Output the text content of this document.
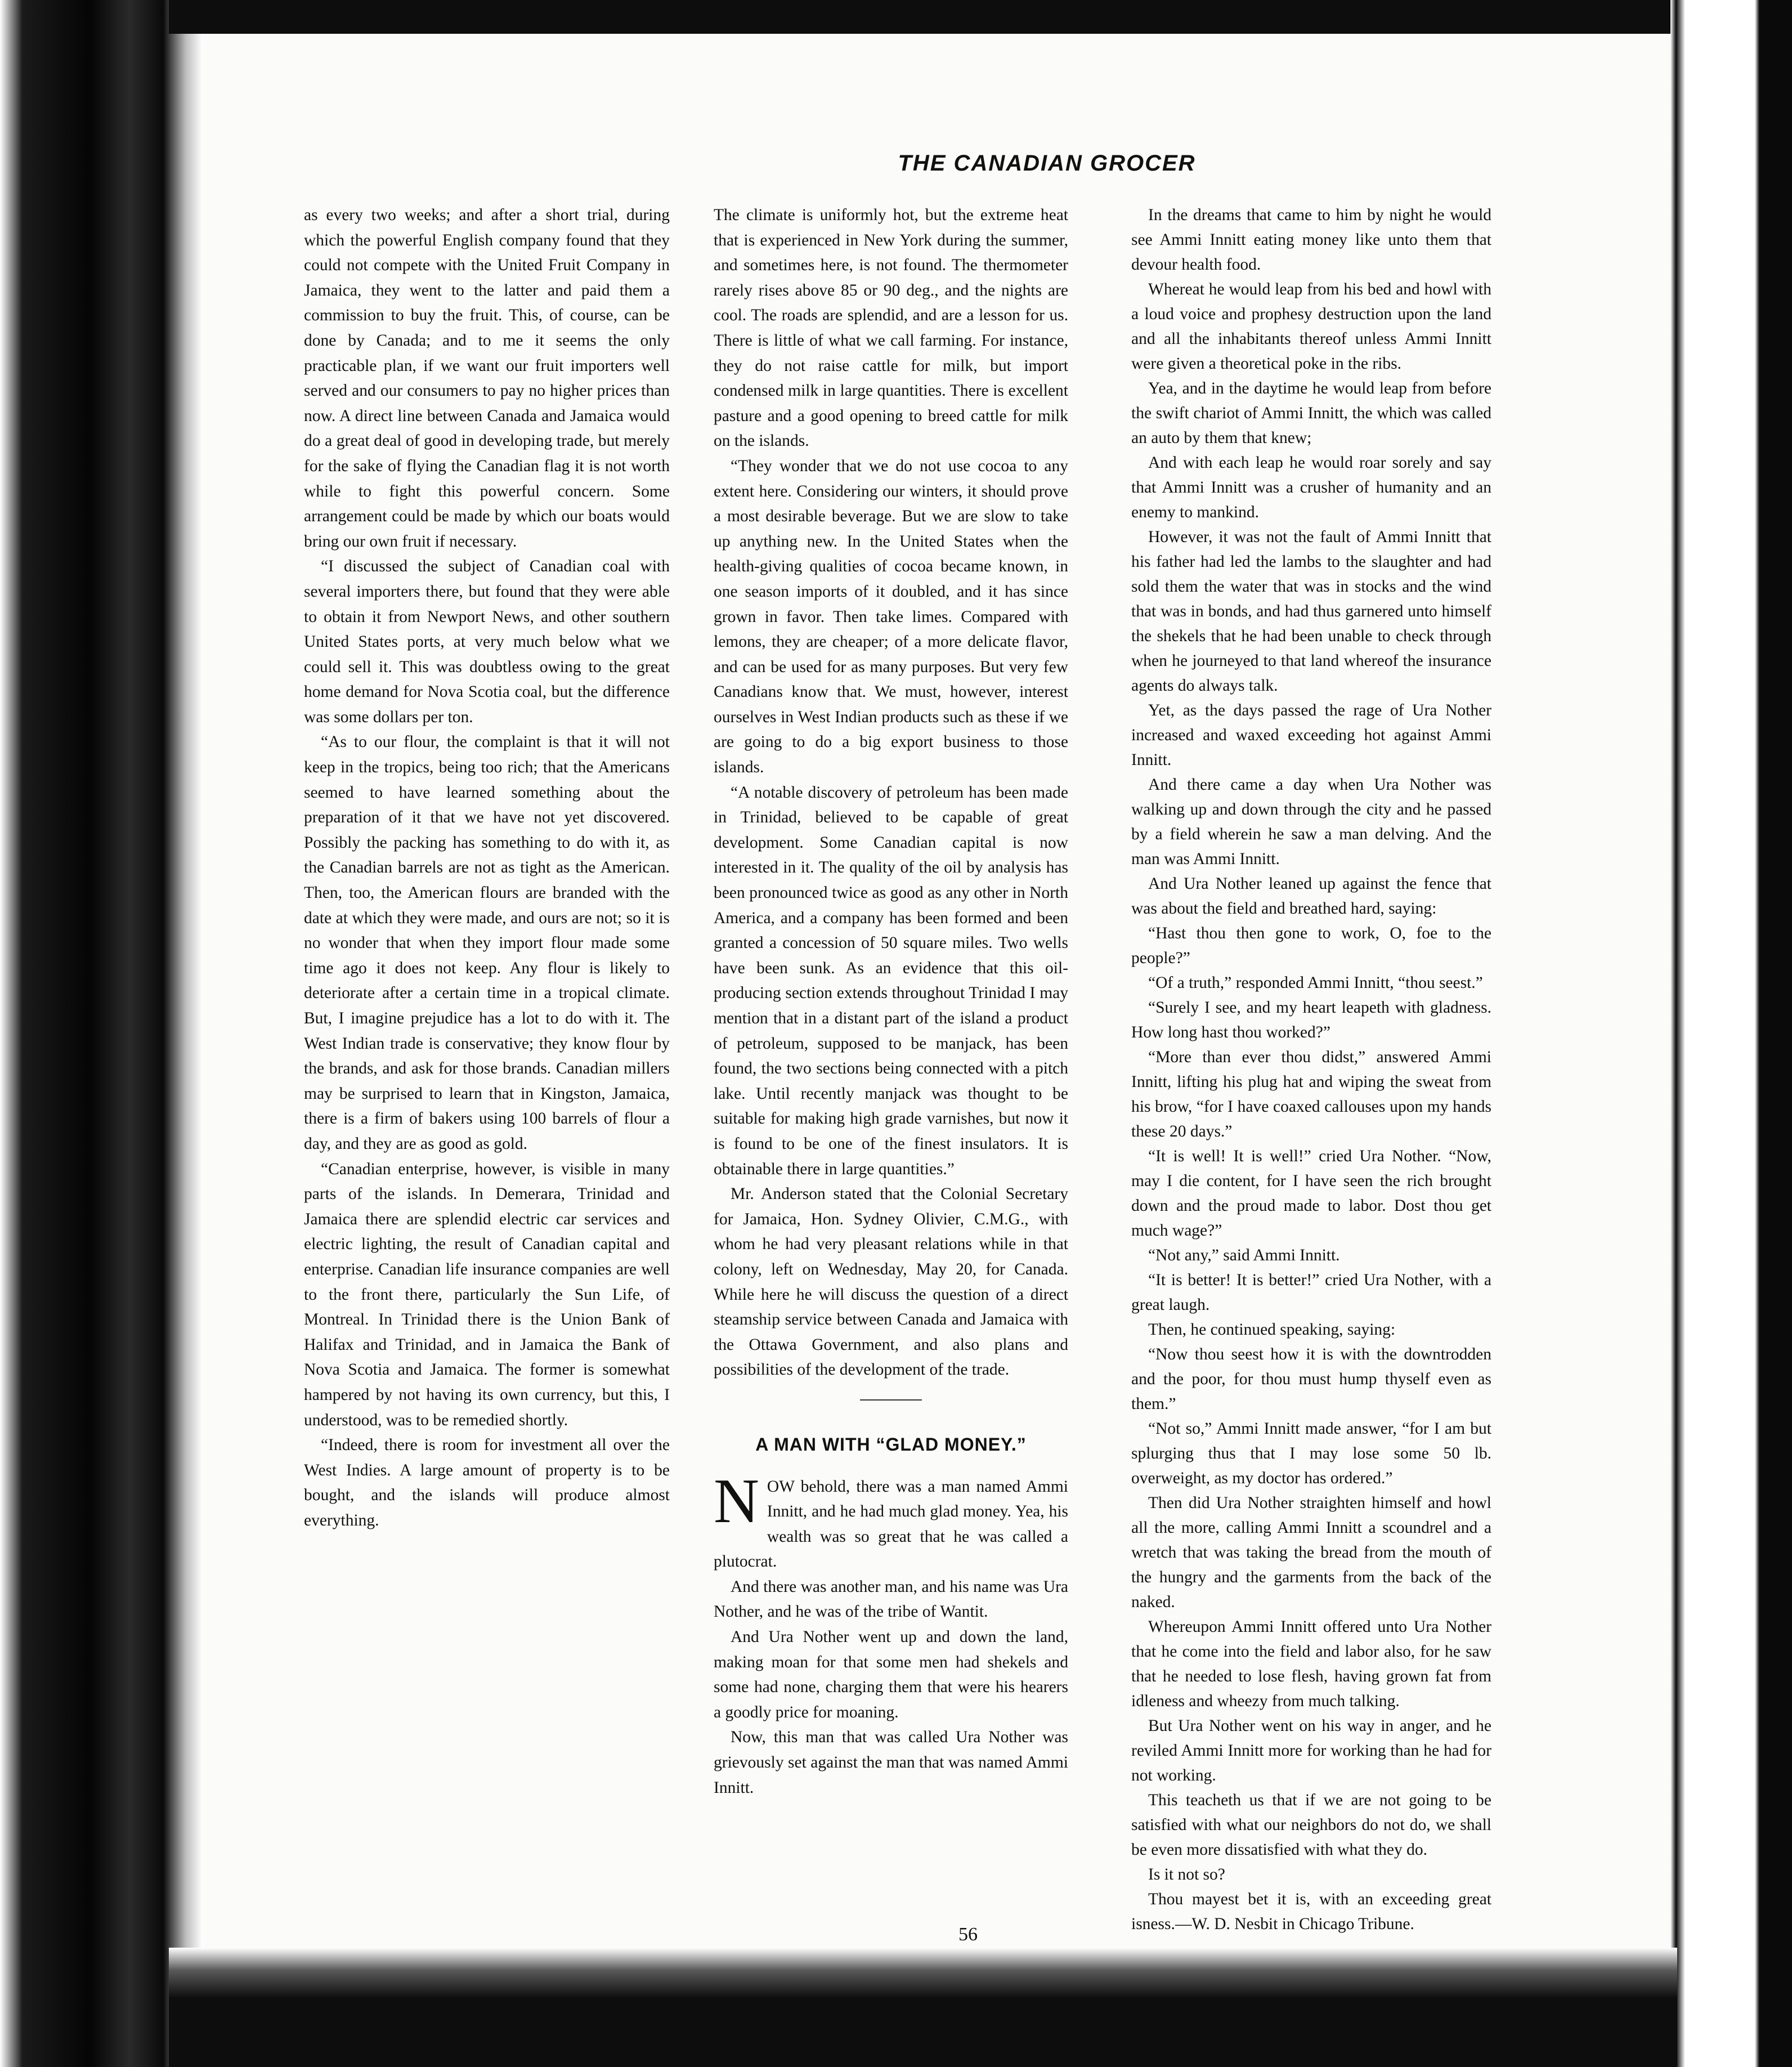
THE CANADIAN GROCER

as every two weeks; and after a short trial, during which the powerful English company found that they could not compete with the United Fruit Company in Jamaica, they went to the latter and paid them a commission to buy the fruit. This, of course, can be done by Canada; and to me it seems the only practicable plan, if we want our fruit importers well served and our consumers to pay no higher prices than now. A direct line between Canada and Jamaica would do a great deal of good in developing trade, but merely for the sake of flying the Canadian flag it is not worth while to fight this powerful concern. Some arrangement could be made by which our boats would bring our own fruit if necessary.

“I discussed the subject of Canadian coal with several importers there, but found that they were able to obtain it from Newport News, and other southern United States ports, at very much below what we could sell it. This was doubtless owing to the great home demand for Nova Scotia coal, but the difference was some dollars per ton.

“As to our flour, the complaint is that it will not keep in the tropics, being too rich; that the Americans seemed to have learned something about the preparation of it that we have not yet discovered. Possibly the packing has something to do with it, as the Canadian barrels are not as tight as the American. Then, too, the American flours are branded with the date at which they were made, and ours are not; so it is no wonder that when they import flour made some time ago it does not keep. Any flour is likely to deteriorate after a certain time in a tropical climate. But, I imagine prejudice has a lot to do with it. The West Indian trade is conservative; they know flour by the brands, and ask for those brands. Canadian millers may be surprised to learn that in Kingston, Jamaica, there is a firm of bakers using 100 barrels of flour a day, and they are as good as gold.

“Canadian enterprise, however, is visible in many parts of the islands. In Demerara, Trinidad and Jamaica there are splendid electric car services and electric lighting, the result of Canadian capital and enterprise. Canadian life insurance companies are well to the front there, particularly the Sun Life, of Montreal. In Trinidad there is the Union Bank of Halifax and Trinidad, and in Jamaica the Bank of Nova Scotia and Jamaica. The former is somewhat hampered by not having its own currency, but this, I understood, was to be remedied shortly.

“Indeed, there is room for investment all over the West Indies. A large amount of property is to be bought, and the islands will produce almost everything.

The climate is uniformly hot, but the extreme heat that is experienced in New York during the summer, and sometimes here, is not found. The thermometer rarely rises above 85 or 90 deg., and the nights are cool. The roads are splendid, and are a lesson for us. There is little of what we call farming. For instance, they do not raise cattle for milk, but import condensed milk in large quantities. There is excellent pasture and a good opening to breed cattle for milk on the islands.

“They wonder that we do not use cocoa to any extent here. Considering our winters, it should prove a most desirable beverage. But we are slow to take up anything new. In the United States when the health-giving qualities of cocoa became known, in one season imports of it doubled, and it has since grown in favor. Then take limes. Compared with lemons, they are cheaper; of a more delicate flavor, and can be used for as many purposes. But very few Canadians know that. We must, however, interest ourselves in West Indian products such as these if we are going to do a big export business to those islands.

“A notable discovery of petroleum has been made in Trinidad, believed to be capable of great development. Some Canadian capital is now interested in it. The quality of the oil by analysis has been pronounced twice as good as any other in North America, and a company has been formed and been granted a concession of 50 square miles. Two wells have been sunk. As an evidence that this oil-producing section extends throughout Trinidad I may mention that in a distant part of the island a product of petroleum, supposed to be manjack, has been found, the two sections being connected with a pitch lake. Until recently manjack was thought to be suitable for making high grade varnishes, but now it is found to be one of the finest insulators. It is obtainable there in large quantities.”

Mr. Anderson stated that the Colonial Secretary for Jamaica, Hon. Sydney Olivier, C.M.G., with whom he had very pleasant relations while in that colony, left on Wednesday, May 20, for Canada. While here he will discuss the question of a direct steamship service between Canada and Jamaica with the Ottawa Government, and also plans and possibilities of the development of the trade.

A MAN WITH “GLAD MONEY.”

NOW behold, there was a man named Ammi Innitt, and he had much glad money. Yea, his wealth was so great that he was called a plutocrat.

And there was another man, and his name was Ura Nother, and he was of the tribe of Wantit.

And Ura Nother went up and down the land, making moan for that some men had shekels and some had none, charging them that were his hearers a goodly price for moaning.

Now, this man that was called Ura Nother was grievously set against the man that was named Ammi Innitt.

In the dreams that came to him by night he would see Ammi Innitt eating money like unto them that devour health food.

Whereat he would leap from his bed and howl with a loud voice and prophesy destruction upon the land and all the inhabitants thereof unless Ammi Innitt were given a theoretical poke in the ribs.

Yea, and in the daytime he would leap from before the swift chariot of Ammi Innitt, the which was called an auto by them that knew;

And with each leap he would roar sorely and say that Ammi Innitt was a crusher of humanity and an enemy to mankind.

However, it was not the fault of Ammi Innitt that his father had led the lambs to the slaughter and had sold them the water that was in stocks and the wind that was in bonds, and had thus garnered unto himself the shekels that he had been unable to check through when he journeyed to that land whereof the insurance agents do always talk.

Yet, as the days passed the rage of Ura Nother increased and waxed exceeding hot against Ammi Innitt.

And there came a day when Ura Nother was walking up and down through the city and he passed by a field wherein he saw a man delving. And the man was Ammi Innitt.

And Ura Nother leaned up against the fence that was about the field and breathed hard, saying:

“Hast thou then gone to work, O, foe to the people?”

“Of a truth,” responded Ammi Innitt, “thou seest.”

“Surely I see, and my heart leapeth with gladness. How long hast thou worked?”

“More than ever thou didst,” answered Ammi Innitt, lifting his plug hat and wiping the sweat from his brow, “for I have coaxed callouses upon my hands these 20 days.”

“It is well! It is well!” cried Ura Nother. “Now, may I die content, for I have seen the rich brought down and the proud made to labor. Dost thou get much wage?”

“Not any,” said Ammi Innitt.

“It is better! It is better!” cried Ura Nother, with a great laugh.

Then, he continued speaking, saying:

“Now thou seest how it is with the downtrodden and the poor, for thou must hump thyself even as them.”

“Not so,” Ammi Innitt made answer, “for I am but splurging thus that I may lose some 50 lb. overweight, as my doctor has ordered.”

Then did Ura Nother straighten himself and howl all the more, calling Ammi Innitt a scoundrel and a wretch that was taking the bread from the mouth of the hungry and the garments from the back of the naked.

Whereupon Ammi Innitt offered unto Ura Nother that he come into the field and labor also, for he saw that he needed to lose flesh, having grown fat from idleness and wheezy from much talking.

But Ura Nother went on his way in anger, and he reviled Ammi Innitt more for working than he had for not working.

This teacheth us that if we are not going to be satisfied with what our neighbors do not do, we shall be even more dissatisfied with what they do.

Is it not so?

Thou mayest bet it is, with an exceeding great isness.—W. D. Nesbit in Chicago Tribune.

56
